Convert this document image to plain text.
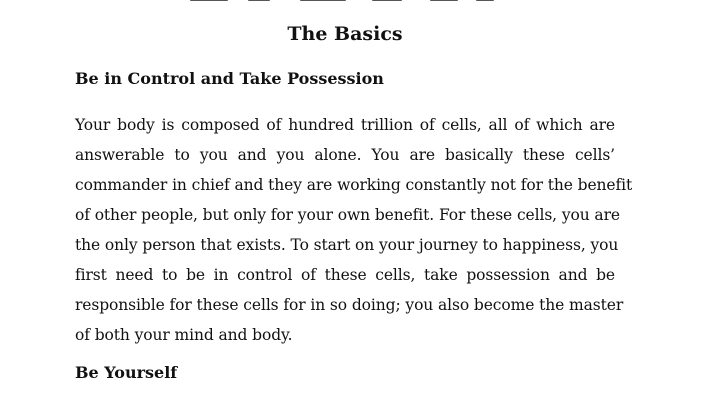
The Basics
Be in Control and Take Possession
Your body is composed of hundred trillion of cells, all of which are
answerable to you and you alone. You are basically these cells’
commander in chief and they are working constantly not for the benefit
of other people, but only for your own benefit. For these cells, you are
the only person that exists. To start on your journey to happiness, you
first need to be in control of these cells, take possession and be
responsible for these cells for in so doing; you also become the master
of both your mind and body.
Be Yourself
